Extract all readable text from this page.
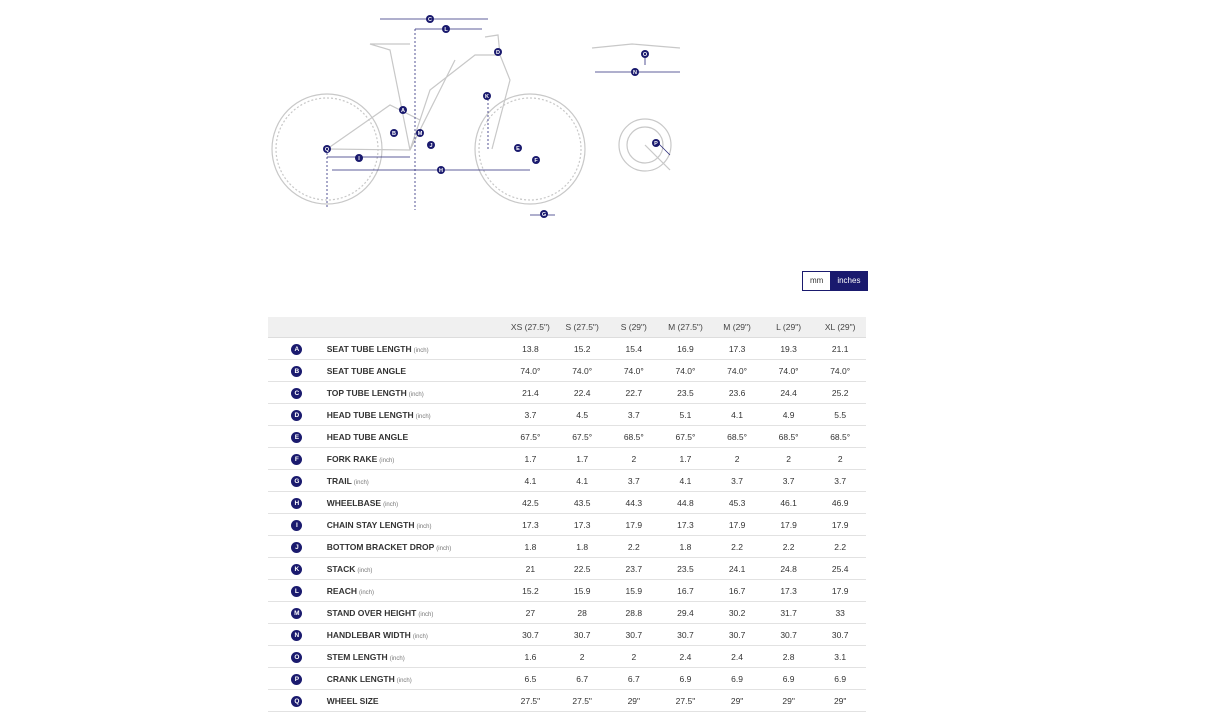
A
B
C
D
E
F
G
H
I
J
K
L
M
N
O
P
Q
mm	inches
		XS (27.5")	S (27.5")	S (29")	M (27.5")	M (29")	L (29")	XL (29")
A	SEAT TUBE LENGTH (inch)	13.8	15.2	15.4	16.9	17.3	19.3	21.1
B	SEAT TUBE ANGLE	74.0°	74.0°	74.0°	74.0°	74.0°	74.0°	74.0°
C	TOP TUBE LENGTH (inch)	21.4	22.4	22.7	23.5	23.6	24.4	25.2
D	HEAD TUBE LENGTH (inch)	3.7	4.5	3.7	5.1	4.1	4.9	5.5
E	HEAD TUBE ANGLE	67.5°	67.5°	68.5°	67.5°	68.5°	68.5°	68.5°
F	FORK RAKE (inch)	1.7	1.7	2	1.7	2	2	2
G	TRAIL (inch)	4.1	4.1	3.7	4.1	3.7	3.7	3.7
H	WHEELBASE (inch)	42.5	43.5	44.3	44.8	45.3	46.1	46.9
I	CHAIN STAY LENGTH (inch)	17.3	17.3	17.9	17.3	17.9	17.9	17.9
J	BOTTOM BRACKET DROP (inch)	1.8	1.8	2.2	1.8	2.2	2.2	2.2
K	STACK (inch)	21	22.5	23.7	23.5	24.1	24.8	25.4
L	REACH (inch)	15.2	15.9	15.9	16.7	16.7	17.3	17.9
M	STAND OVER HEIGHT (inch)	27	28	28.8	29.4	30.2	31.7	33
N	HANDLEBAR WIDTH (inch)	30.7	30.7	30.7	30.7	30.7	30.7	30.7
O	STEM LENGTH (inch)	1.6	2	2	2.4	2.4	2.8	3.1
P	CRANK LENGTH (inch)	6.5	6.7	6.7	6.9	6.9	6.9	6.9
Q	WHEEL SIZE	27.5"	27.5"	29"	27.5"	29"	29"	29"
